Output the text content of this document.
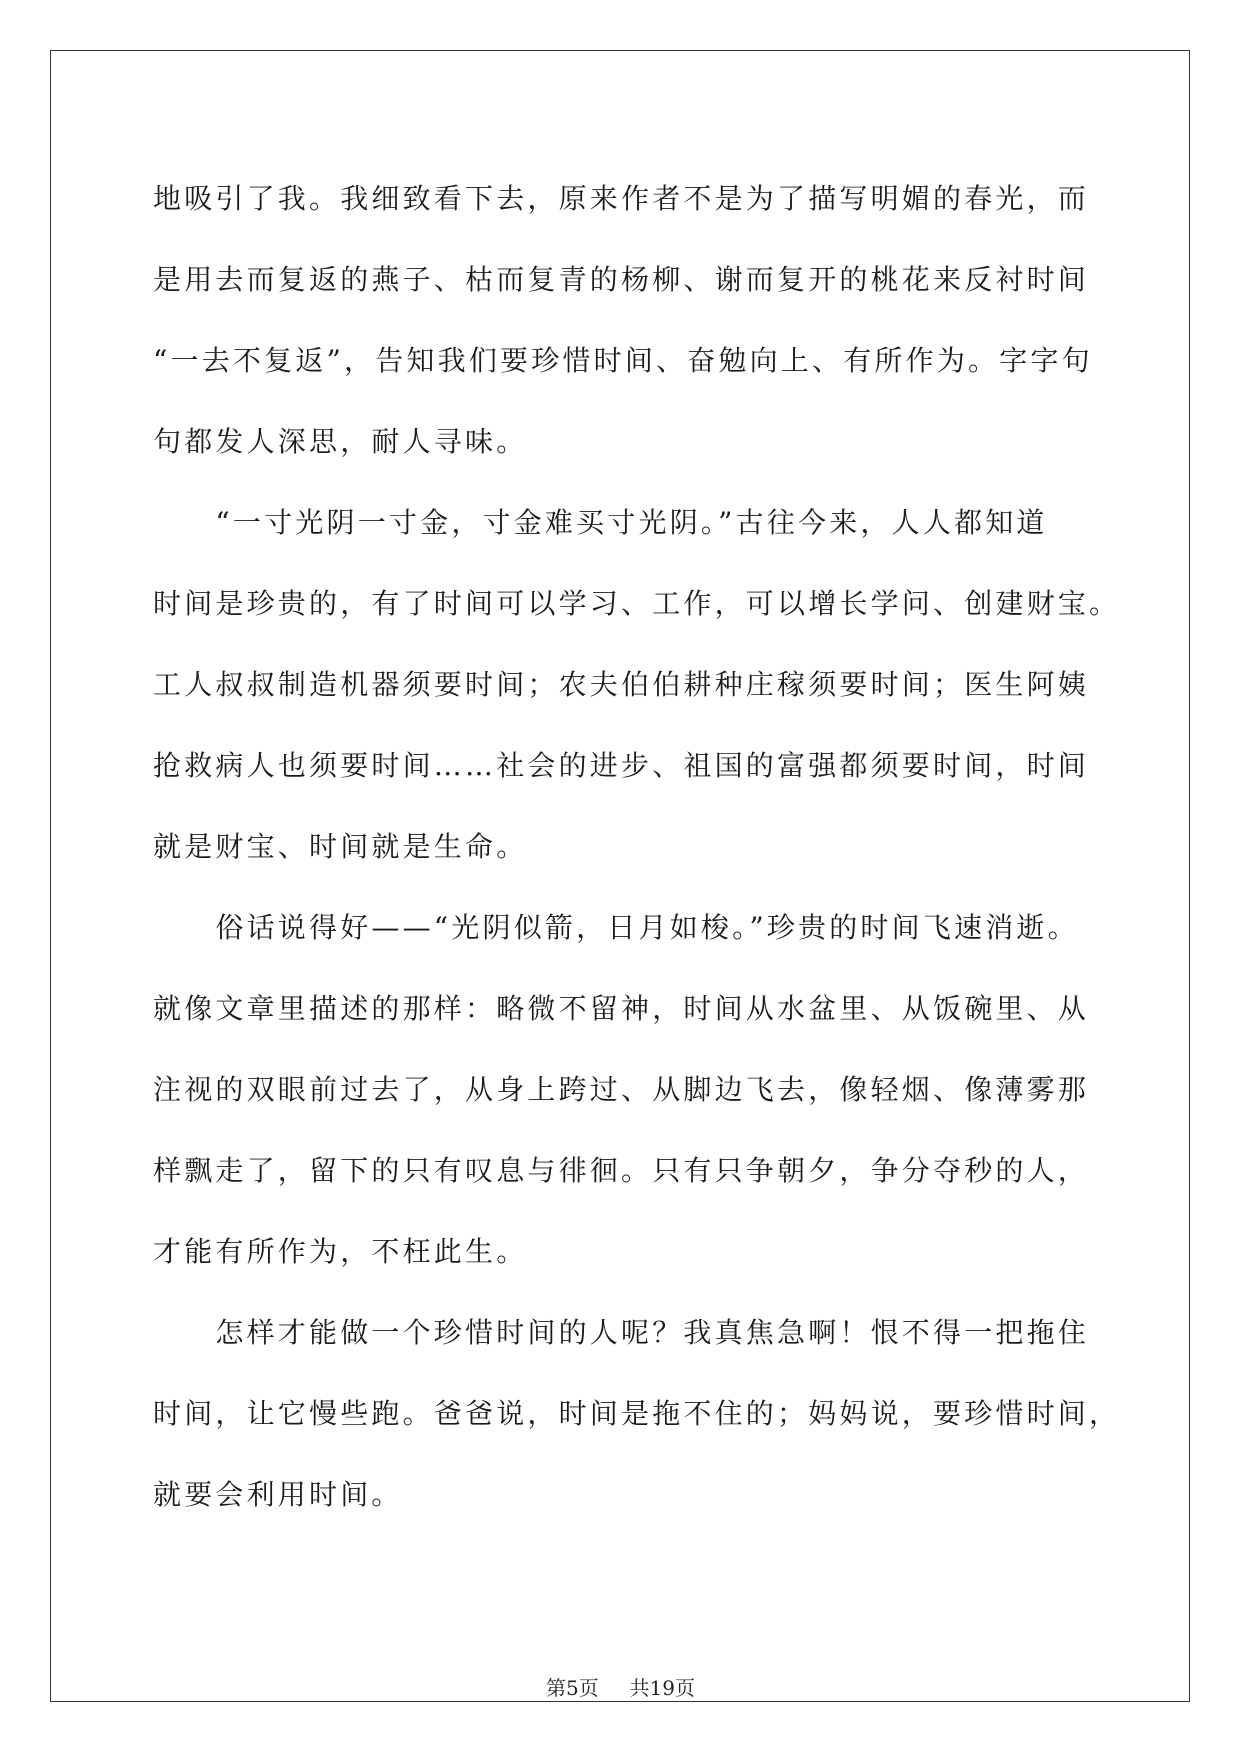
地吸引了我。我细致看下去，原来作者不是为了描写明媚的春光，而
是用去而复返的燕子、枯而复青的杨柳、谢而复开的桃花来反衬时间
“一去不复返”，告知我们要珍惜时间、奋勉向上、有所作为。字字句
句都发人深思，耐人寻味。
　　“一寸光阴一寸金，寸金难买寸光阴。”古往今来，人人都知道
时间是珍贵的，有了时间可以学习、工作，可以增长学问、创建财宝。
工人叔叔制造机器须要时间；农夫伯伯耕种庄稼须要时间；医生阿姨
抢救病人也须要时间……社会的进步、祖国的富强都须要时间，时间
就是财宝、时间就是生命。
　　俗话说得好——“光阴似箭，日月如梭。”珍贵的时间飞速消逝。
就像文章里描述的那样：略微不留神，时间从水盆里、从饭碗里、从
注视的双眼前过去了，从身上跨过、从脚边飞去，像轻烟、像薄雾那
样飘走了，留下的只有叹息与徘徊。只有只争朝夕，争分夺秒的人，
才能有所作为，不枉此生。
　　怎样才能做一个珍惜时间的人呢？我真焦急啊！恨不得一把拖住
时间，让它慢些跑。爸爸说，时间是拖不住的；妈妈说，要珍惜时间，
就要会利用时间。
第5页 共19页
